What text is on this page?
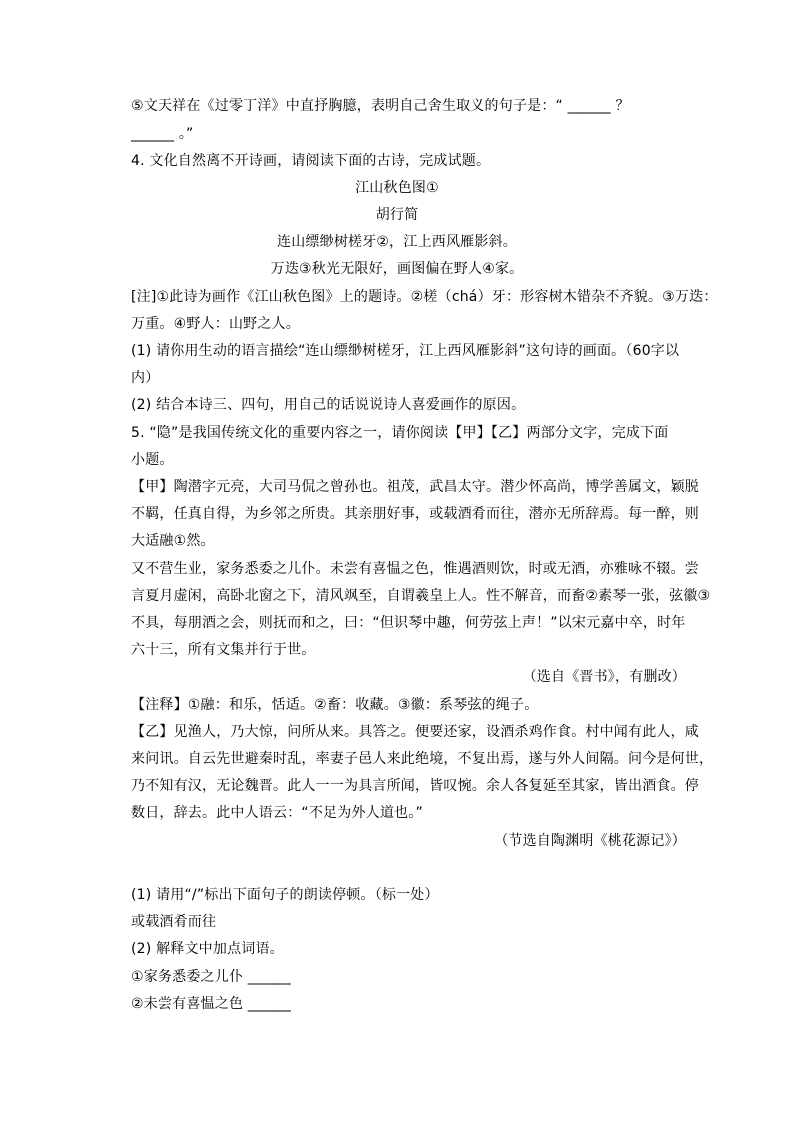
⑤文天祥在《过零丁洋》中直抒胸臆，表明自己舍生取义的句子是：“ ______ ？
______ 。”
4. 文化自然离不开诗画，请阅读下面的古诗，完成试题。
江山秋色图①
胡行简
连山缥缈树槎牙②，江上西风雁影斜。
万迭③秋光无限好，画图偏在野人④家。
[注]①此诗为画作《江山秋色图》上的题诗。②槎（chá）牙：形容树木错杂不齐貌。③万迭：
万重。④野人：山野之人。
(1) 请你用生动的语言描绘“连山缥缈树槎牙，江上西风雁影斜”这句诗的画面。（60字以
内）
(2) 结合本诗三、四句，用自己的话说说诗人喜爱画作的原因。
5. “隐”是我国传统文化的重要内容之一，请你阅读【甲】【乙】两部分文字，完成下面
小题。
【甲】陶潜字元亮，大司马侃之曾孙也。祖茂，武昌太守。潜少怀高尚，博学善属文，颖脱
不羁，任真自得，为乡邻之所贵。其亲朋好事，或载酒肴而往，潜亦无所辞焉。每一醉，则
大适融①然。
又不营生业，家务悉委之儿仆。未尝有喜愠之色，惟遇酒则饮，时或无酒，亦雅咏不辍。尝
言夏月虚闲，高卧北窗之下，清风飒至，自谓羲皇上人。性不解音，而畜②素琴一张，弦徽③
不具，每朋酒之会，则抚而和之，曰：“但识琴中趣，何劳弦上声！”以宋元嘉中卒，时年
六十三，所有文集并行于世。
（选自《晋书》，有删改）
【注释】①融：和乐，恬适。②畜：收藏。③徽：系琴弦的绳子。
【乙】见渔人，乃大惊，问所从来。具答之。便要还家，设酒杀鸡作食。村中闻有此人，咸
来问讯。自云先世避秦时乱，率妻子邑人来此绝境，不复出焉，遂与外人间隔。问今是何世，
乃不知有汉，无论魏晋。此人一一为具言所闻，皆叹惋。余人各复延至其家，皆出酒食。停
数日，辞去。此中人语云：“不足为外人道也。”
（节选自陶渊明《桃花源记》）
(1) 请用“/”标出下面句子的朗读停顿。（标一处）
或载酒肴而往
(2) 解释文中加点词语。
①家务悉委之儿仆 ______
②未尝有喜愠之色 ______
